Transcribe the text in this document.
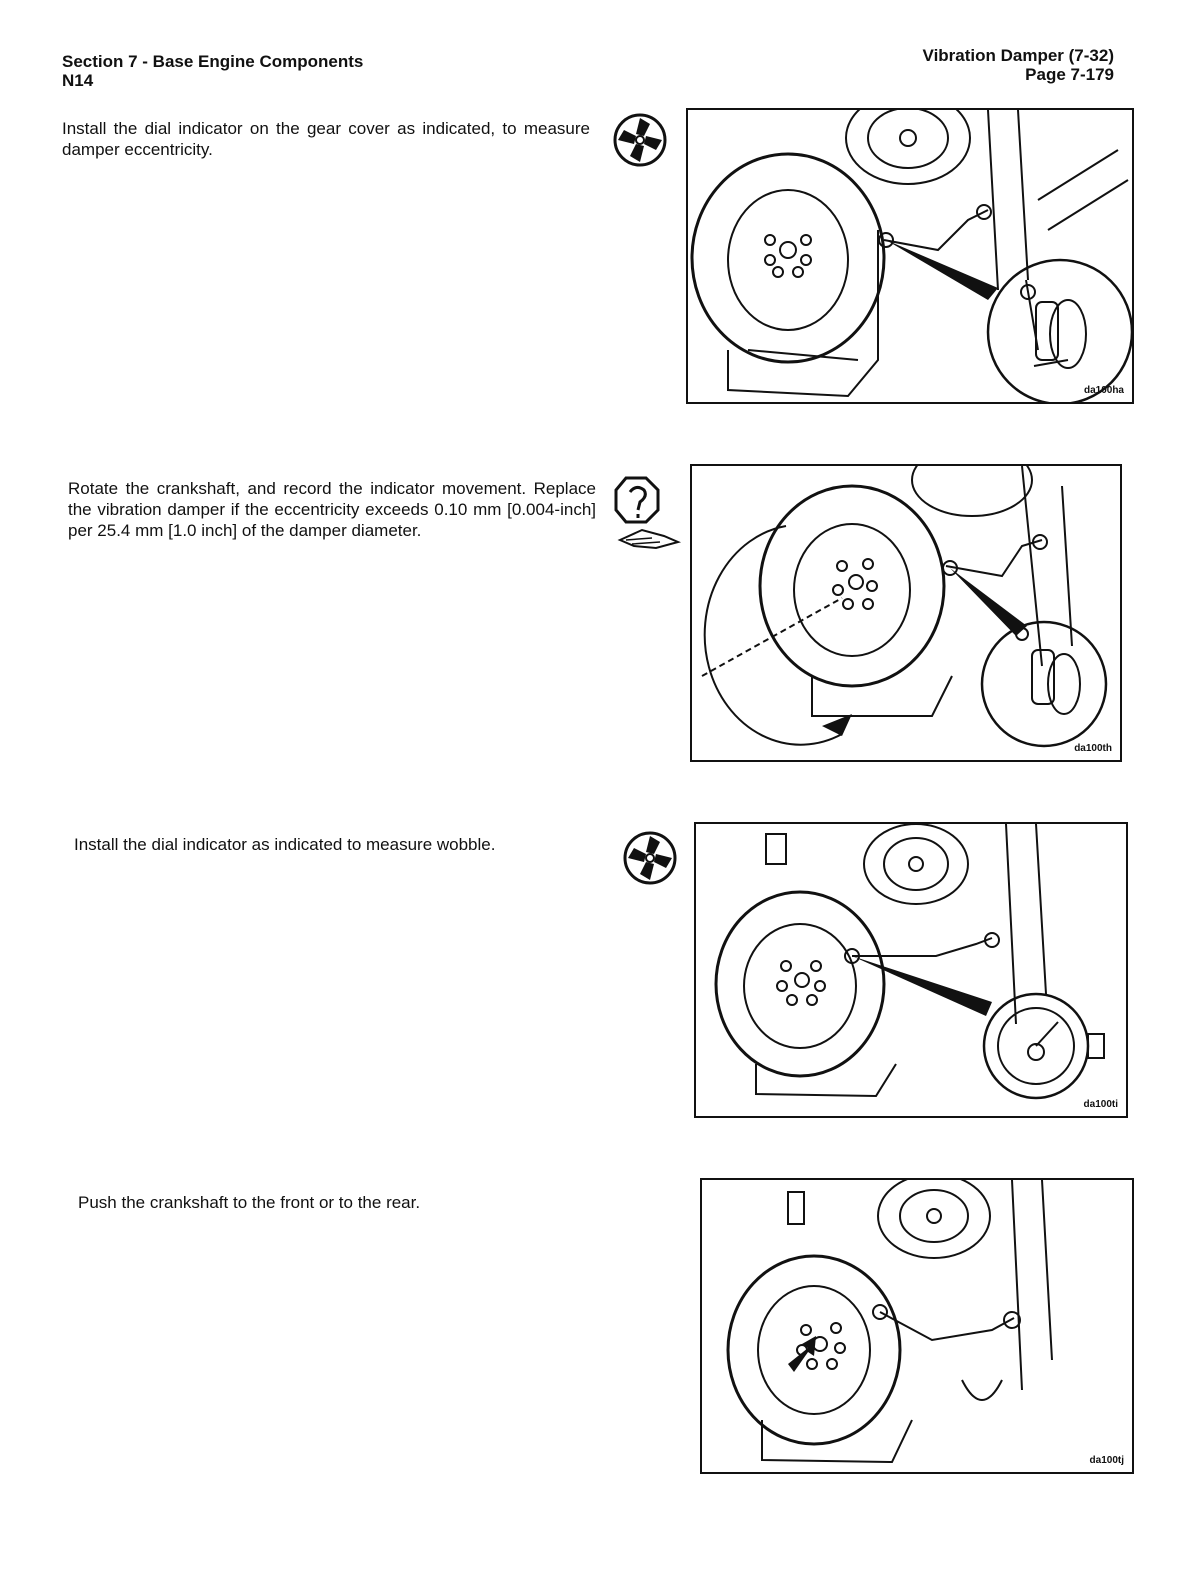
Section 7 - Base Engine Components
N14
Vibration Damper (7-32)
Page 7-179
Install the dial indicator on the gear cover as indicated, to measure damper eccentricity.
da100ha
Rotate the crankshaft, and record the indicator movement. Replace the vibration damper if the eccentricity exceeds 0.10 mm [0.004-inch] per 25.4 mm [1.0 inch] of the damper diameter.
da100th
Install the dial indicator as indicated to measure wobble.
da100ti
Push the crankshaft to the front or to the rear.
da100tj
